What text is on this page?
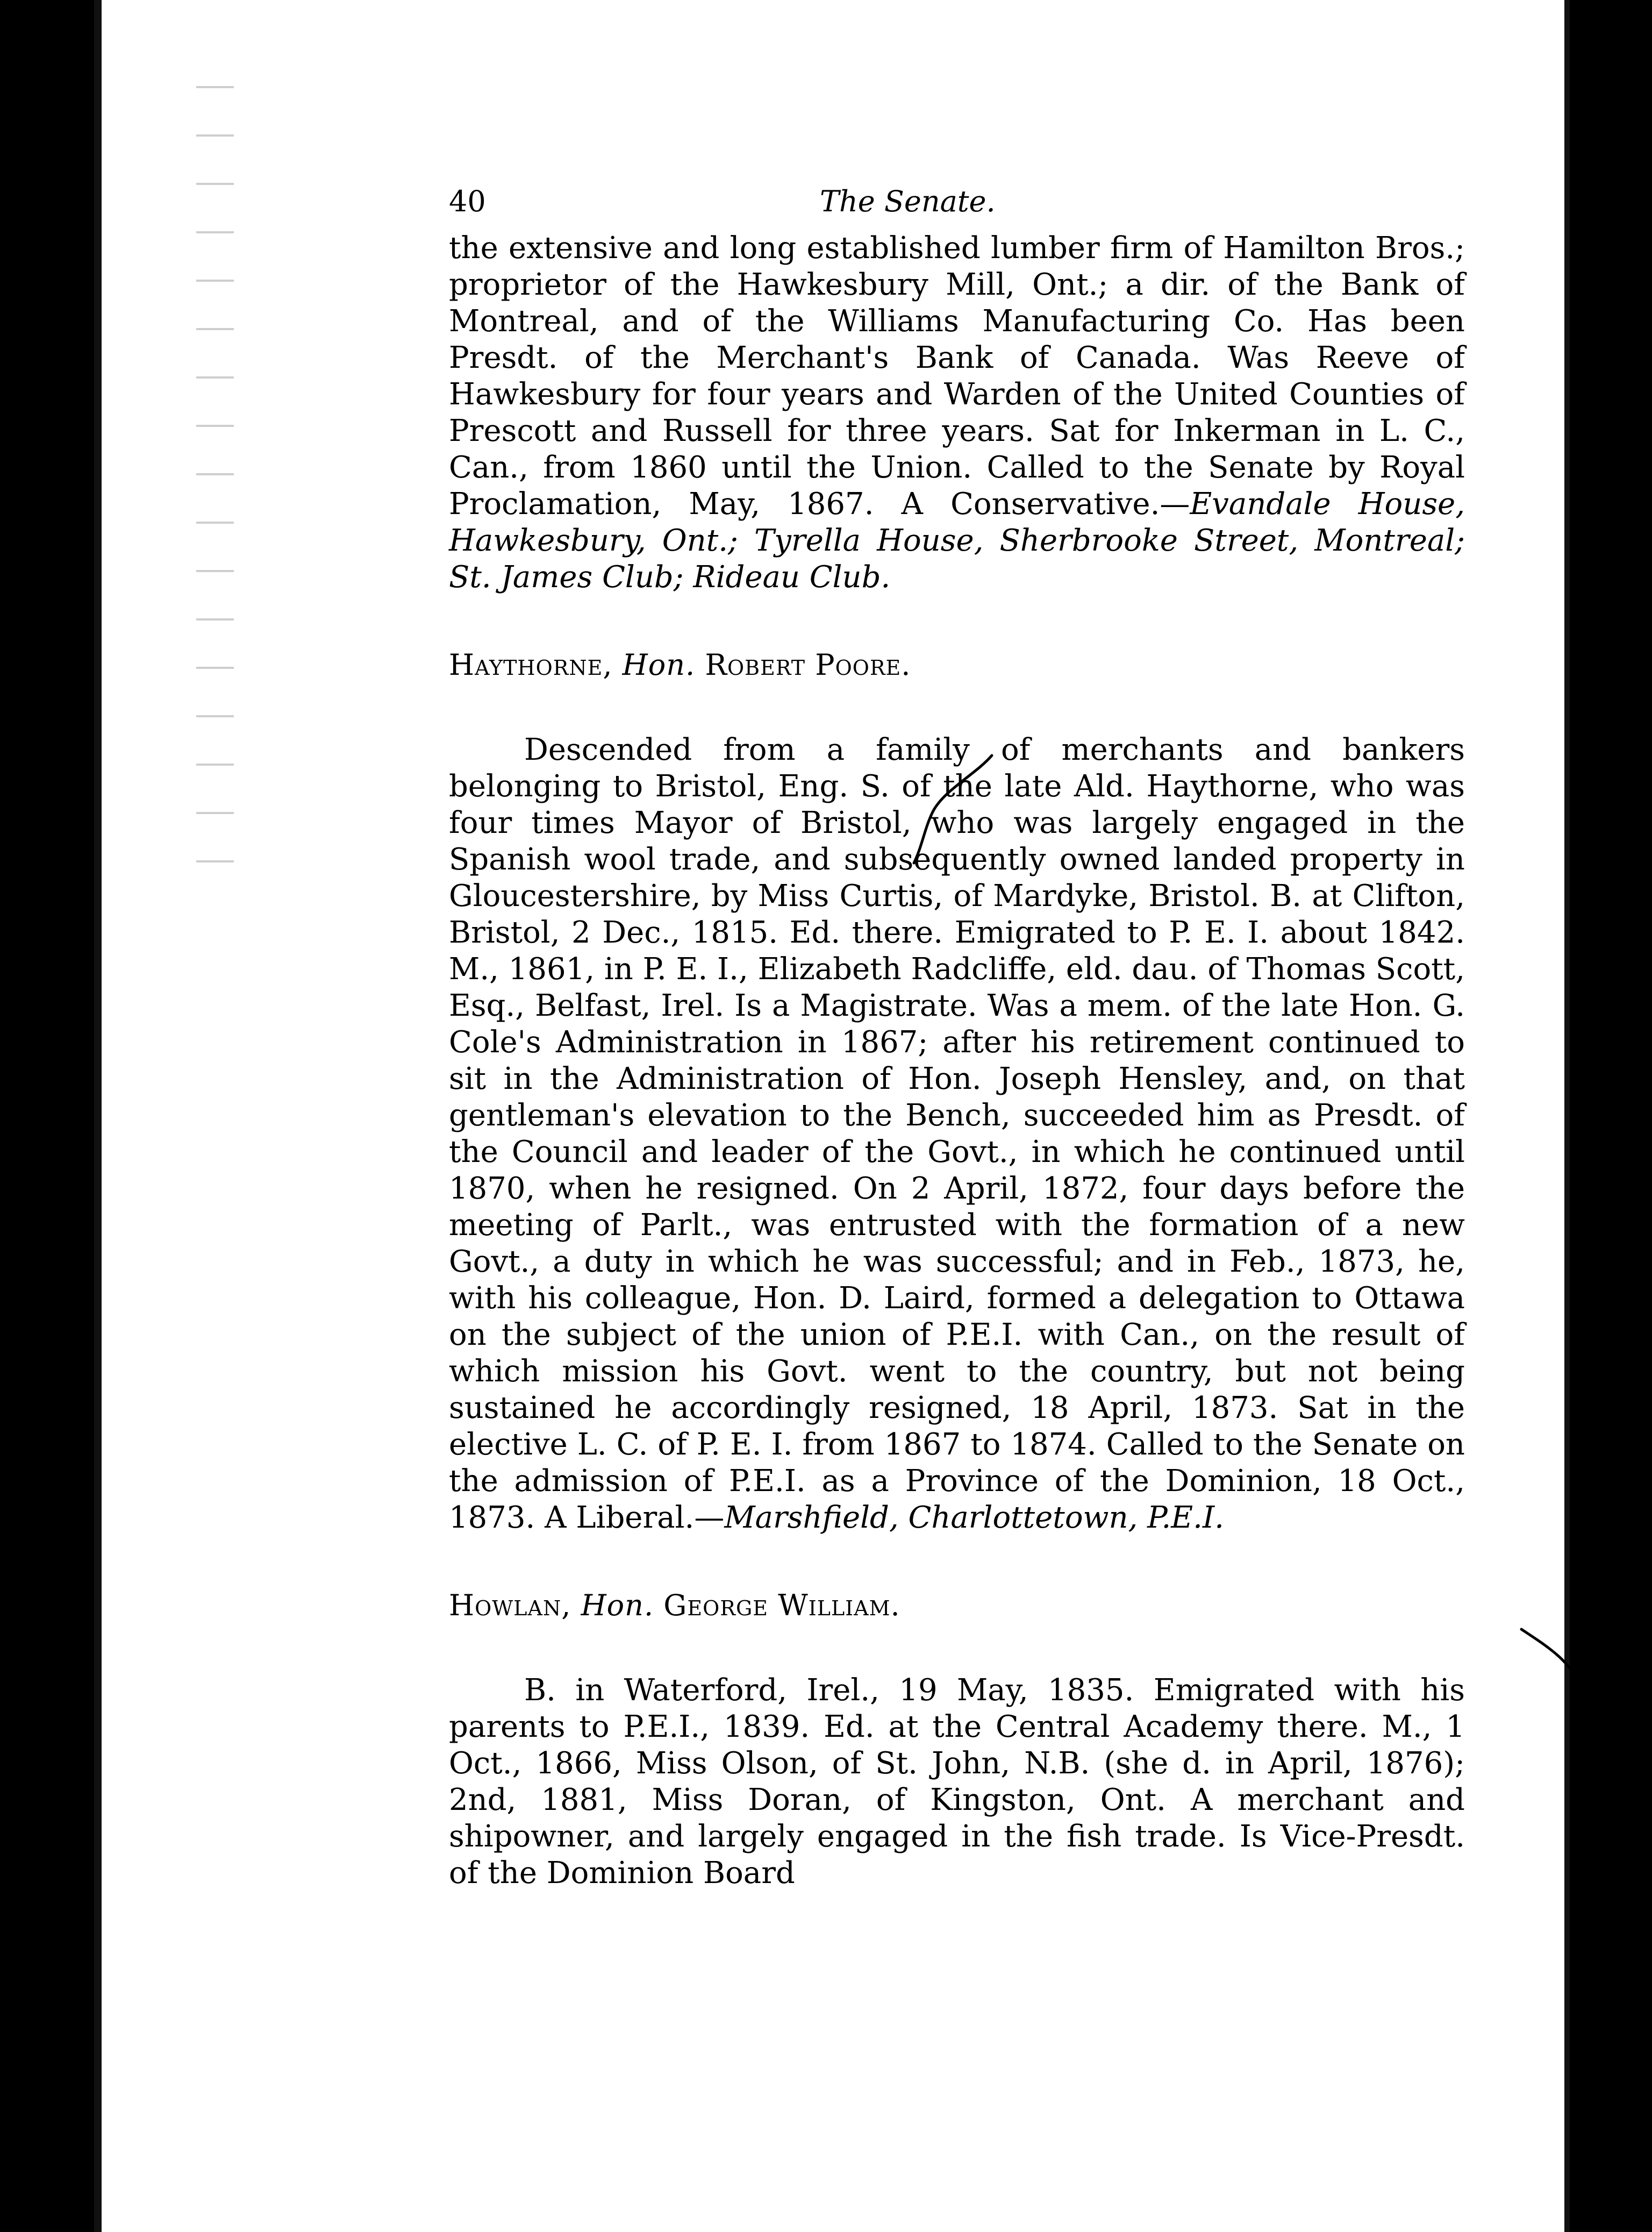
40	The Senate.

the extensive and long established lumber firm of Hamilton Bros.; proprietor of the Hawkesbury Mill, Ont.; a dir. of the Bank of Montreal, and of the Williams Manufacturing Co. Has been Presdt. of the Merchant's Bank of Canada. Was Reeve of Hawkesbury for four years and Warden of the United Counties of Prescott and Russell for three years. Sat for Inkerman in L. C., Can., from 1860 until the Union. Called to the Senate by Royal Proclamation, May, 1867. A Conservative.—Evandale House, Hawkesbury, Ont.; Tyrella House, Sherbrooke Street, Montreal; St. James Club; Rideau Club.

Haythorne, Hon. Robert Poore.

Descended from a family of merchants and bankers belonging to Bristol, Eng. S. of the late Ald. Haythorne, who was four times Mayor of Bristol, who was largely engaged in the Spanish wool trade, and subsequently owned landed property in Gloucestershire, by Miss Curtis, of Mardyke, Bristol. B. at Clifton, Bristol, 2 Dec., 1815. Ed. there. Emigrated to P. E. I. about 1842. M., 1861, in P. E. I., Elizabeth Radcliffe, eld. dau. of Thomas Scott, Esq., Belfast, Irel. Is a Magistrate. Was a mem. of the late Hon. G. Cole's Administration in 1867; after his retirement continued to sit in the Administration of Hon. Joseph Hensley, and, on that gentleman's elevation to the Bench, succeeded him as Presdt. of the Council and leader of the Govt., in which he continued until 1870, when he resigned. On 2 April, 1872, four days before the meeting of Parlt., was entrusted with the formation of a new Govt., a duty in which he was successful; and in Feb., 1873, he, with his colleague, Hon. D. Laird, formed a delegation to Ottawa on the subject of the union of P.E.I. with Can., on the result of which mission his Govt. went to the country, but not being sustained he accordingly resigned, 18 April, 1873. Sat in the elective L. C. of P. E. I. from 1867 to 1874. Called to the Senate on the admission of P.E.I. as a Province of the Dominion, 18 Oct., 1873. A Liberal.—Marshfield, Charlottetown, P.E.I.

Howlan, Hon. George William.

B. in Waterford, Irel., 19 May, 1835. Emigrated with his parents to P.E.I., 1839. Ed. at the Central Academy there. M., 1 Oct., 1866, Miss Olson, of St. John, N.B. (she d. in April, 1876); 2nd, 1881, Miss Doran, of Kingston, Ont. A merchant and shipowner, and largely engaged in the fish trade. Is Vice-Presdt. of the Dominion Board
